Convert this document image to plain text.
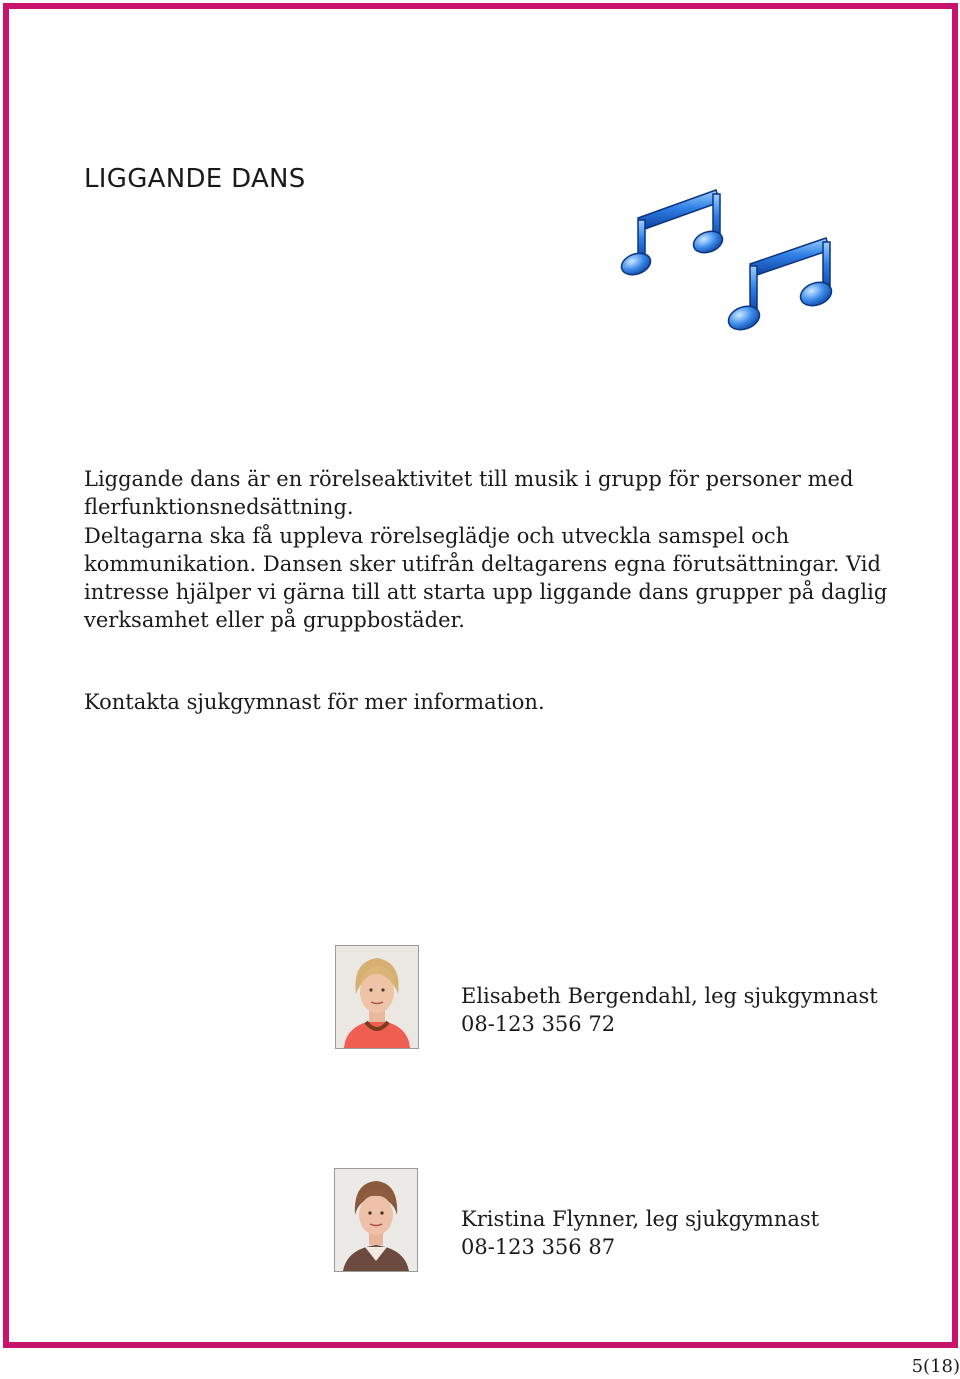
LIGGANDE DANS

Liggande dans är en rörelseaktivitet till musik i grupp för personer med

flerfunktionsnedsättning.

Deltagarna ska få uppleva rörelseglädje och utveckla samspel och

kommunikation. Dansen sker utifrån deltagarens egna förutsättningar. Vid

intresse hjälper vi gärna till att starta upp liggande dans grupper på daglig

verksamhet eller på gruppbostäder.

Kontakta sjukgymnast för mer information.
Elisabeth Bergendahl, leg sjukgymnast
08-123 356 72
Kristina Flynner, leg sjukgymnast
08-123 356 87
5(18)
